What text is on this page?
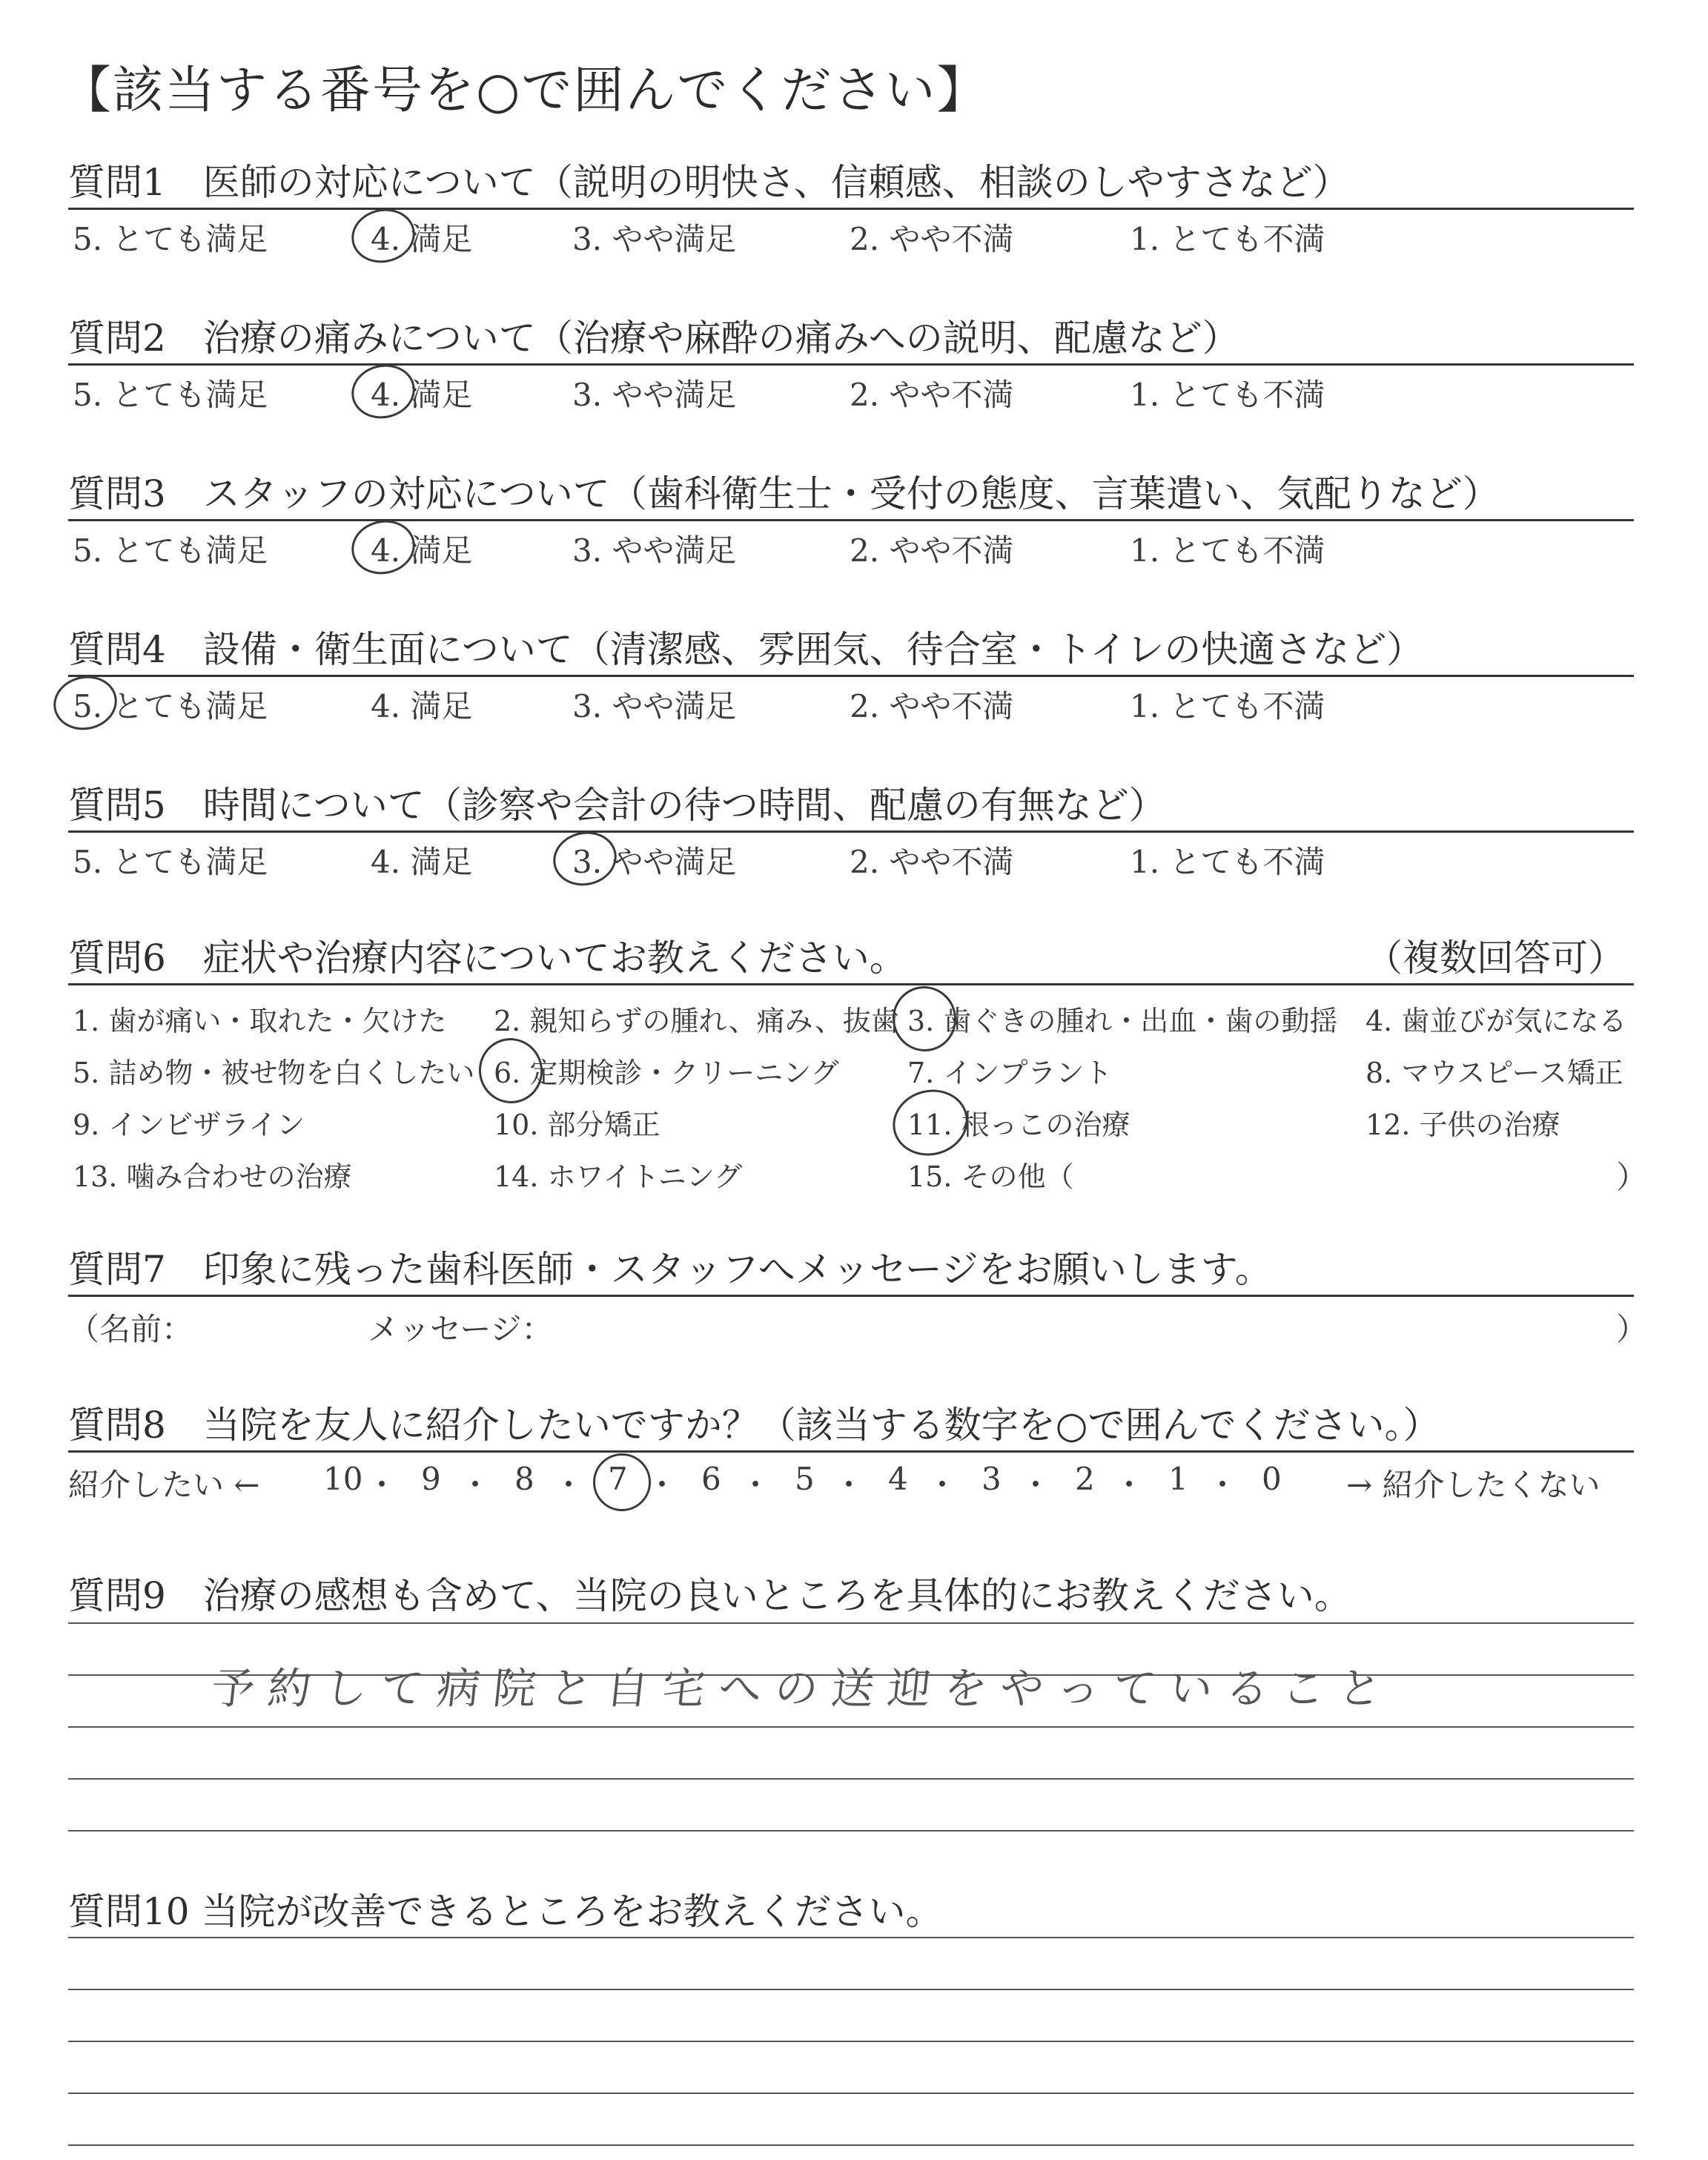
【該当する番号を○で囲んでください】
質問1　医師の対応について（説明の明快さ、信頼感、相談のしやすさなど）
5. とても満足	4. 満足	3. やや満足	2. やや不満	1. とても不満
質問2　治療の痛みについて（治療や麻酔の痛みへの説明、配慮など）
5. とても満足	4. 満足	3. やや満足	2. やや不満	1. とても不満
質問3　スタッフの対応について（歯科衛生士・受付の態度、言葉遣い、気配りなど）
5. とても満足	4. 満足	3. やや満足	2. やや不満	1. とても不満
質問4　設備・衛生面について（清潔感、雰囲気、待合室・トイレの快適さなど）
5. とても満足	4. 満足	3. やや満足	2. やや不満	1. とても不満
質問5　時間について（診察や会計の待つ時間、配慮の有無など）
5. とても満足	4. 満足	3. やや満足	2. やや不満	1. とても不満
質問6　症状や治療内容についてお教えください。	（複数回答可）
1. 歯が痛い・取れた・欠けた 2. 親知らずの腫れ、痛み、抜歯 3. 歯ぐきの腫れ・出血・歯の動揺 4. 歯並びが気になる
5. 詰め物・被せ物を白くしたい 6. 定期検診・クリーニング 7. インプラント	8. マウスピース矯正
9. インビザライン	10. 部分矯正	11. 根っこの治療	12. 子供の治療
13. 噛み合わせの治療	14. ホワイトニング	15. その他（	）
質問7　印象に残った歯科医師・スタッフへメッセージをお願いします。
（名前：	メッセージ：	）
質問8　当院を友人に紹介したいですか？（該当する数字を○で囲んでください。）
紹介したい ← 10 ・ 9 ・ 8 ・ 7 ・ 6 ・ 5 ・ 4 ・ 3 ・ 2 ・ 1 ・ 0 → 紹介したくない
質問9　治療の感想も含めて、当院の良いところを具体的にお教えください。
予約して病院と自宅への送迎をやっていること
質問10 当院が改善できるところをお教えください。
